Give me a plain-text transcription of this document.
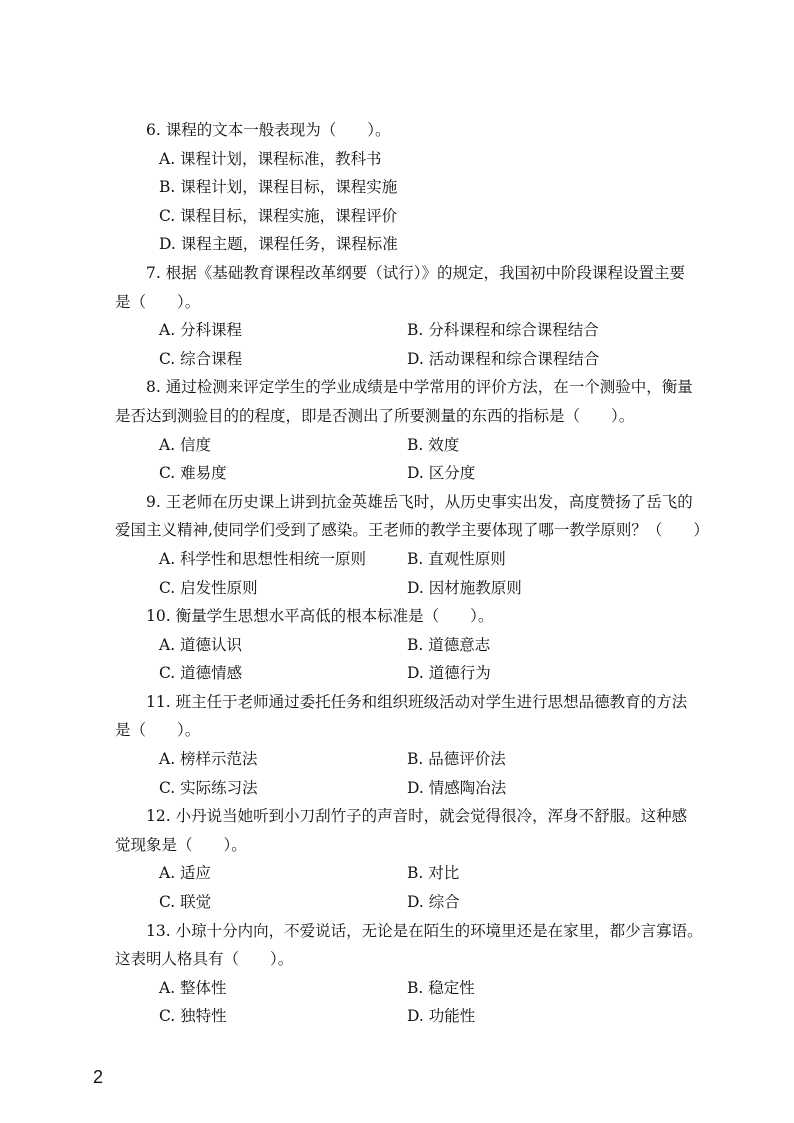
6. 课程的文本一般表现为（　　）。
A. 课程计划，课程标准，教科书
B. 课程计划，课程目标，课程实施
C. 课程目标，课程实施，课程评价
D. 课程主题，课程任务，课程标准
7. 根据《基础教育课程改革纲要（试行）》的规定，我国初中阶段课程设置主要
是（　　）。
A. 分科课程	B. 分科课程和综合课程结合
C. 综合课程	D. 活动课程和综合课程结合
8. 通过检测来评定学生的学业成绩是中学常用的评价方法，在一个测验中，衡量
是否达到测验目的的程度，即是否测出了所要测量的东西的指标是（　　）。
A. 信度	B. 效度
C. 难易度	D. 区分度
9. 王老师在历史课上讲到抗金英雄岳飞时，从历史事实出发，高度赞扬了岳飞的
爱国主义精神,使同学们受到了感染。王老师的教学主要体现了哪一教学原则？（　　）
A. 科学性和思想性相统一原则	B. 直观性原则
C. 启发性原则	D. 因材施教原则
10. 衡量学生思想水平高低的根本标准是（　　）。
A. 道德认识	B. 道德意志
C. 道德情感	D. 道德行为
11. 班主任于老师通过委托任务和组织班级活动对学生进行思想品德教育的方法
是（　　）。
A. 榜样示范法	B. 品德评价法
C. 实际练习法	D. 情感陶冶法
12. 小丹说当她听到小刀刮竹子的声音时，就会觉得很冷，浑身不舒服。这种感
觉现象是（　　）。
A. 适应	B. 对比
C. 联觉	D. 综合
13. 小琼十分内向，不爱说话，无论是在陌生的环境里还是在家里，都少言寡语。
这表明人格具有（　　）。
A. 整体性	B. 稳定性
C. 独特性	D. 功能性
2
